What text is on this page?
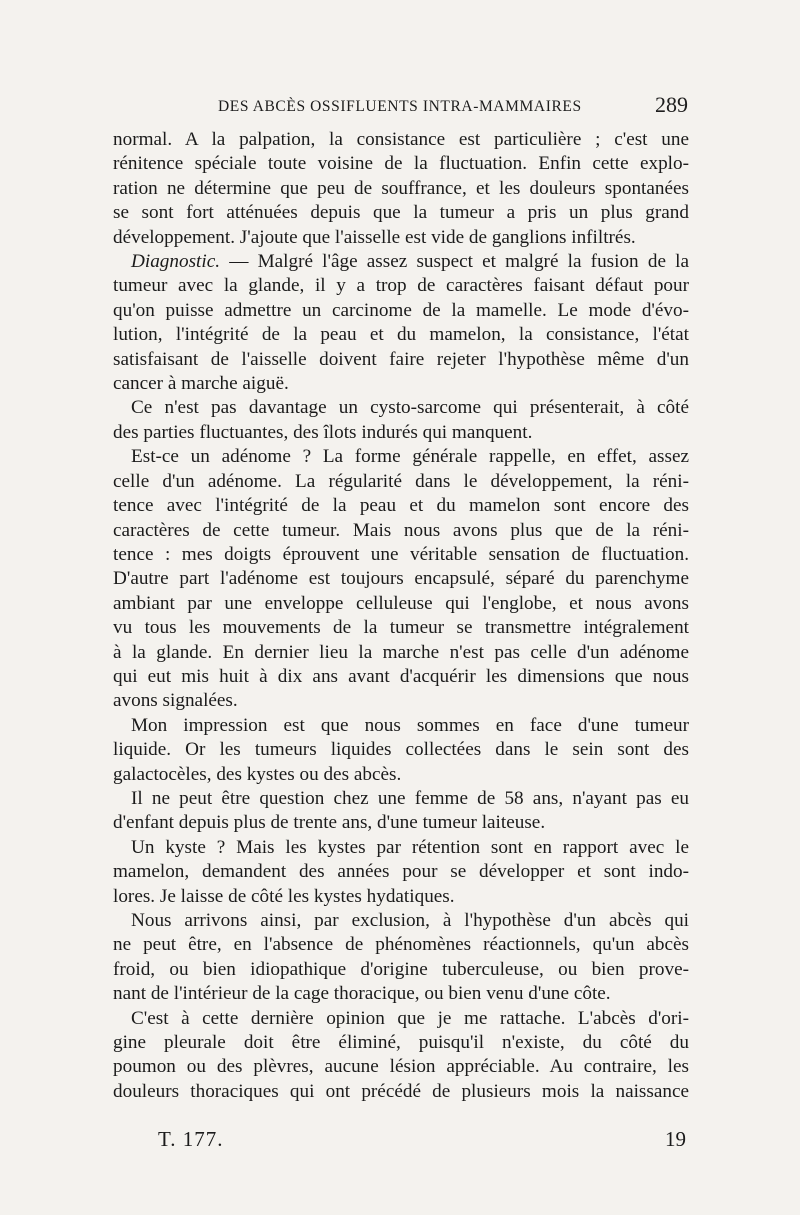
DES ABCÈS OSSIFLUENTS INTRA-MAMMAIRES	289
normal. A la palpation, la consistance est particulière ; c'est une
rénitence spéciale toute voisine de la fluctuation. Enfin cette explo-
ration ne détermine que peu de souffrance, et les douleurs spontanées
se sont fort atténuées depuis que la tumeur a pris un plus grand
développement. J'ajoute que l'aisselle est vide de ganglions infiltrés.
Diagnostic. — Malgré l'âge assez suspect et malgré la fusion de la
tumeur avec la glande, il y a trop de caractères faisant défaut pour
qu'on puisse admettre un carcinome de la mamelle. Le mode d'évo-
lution, l'intégrité de la peau et du mamelon, la consistance, l'état
satisfaisant de l'aisselle doivent faire rejeter l'hypothèse même d'un
cancer à marche aiguë.
Ce n'est pas davantage un cysto-sarcome qui présenterait, à côté
des parties fluctuantes, des îlots indurés qui manquent.
Est-ce un adénome ? La forme générale rappelle, en effet, assez
celle d'un adénome. La régularité dans le développement, la réni-
tence avec l'intégrité de la peau et du mamelon sont encore des
caractères de cette tumeur. Mais nous avons plus que de la réni-
tence : mes doigts éprouvent une véritable sensation de fluctuation.
D'autre part l'adénome est toujours encapsulé, séparé du parenchyme
ambiant par une enveloppe celluleuse qui l'englobe, et nous avons
vu tous les mouvements de la tumeur se transmettre intégralement
à la glande. En dernier lieu la marche n'est pas celle d'un adénome
qui eut mis huit à dix ans avant d'acquérir les dimensions que nous
avons signalées.
Mon impression est que nous sommes en face d'une tumeur
liquide. Or les tumeurs liquides collectées dans le sein sont des
galactocèles, des kystes ou des abcès.
Il ne peut être question chez une femme de 58 ans, n'ayant pas eu
d'enfant depuis plus de trente ans, d'une tumeur laiteuse.
Un kyste ? Mais les kystes par rétention sont en rapport avec le
mamelon, demandent des années pour se développer et sont indo-
lores. Je laisse de côté les kystes hydatiques.
Nous arrivons ainsi, par exclusion, à l'hypothèse d'un abcès qui
ne peut être, en l'absence de phénomènes réactionnels, qu'un abcès
froid, ou bien idiopathique d'origine tuberculeuse, ou bien prove-
nant de l'intérieur de la cage thoracique, ou bien venu d'une côte.
C'est à cette dernière opinion que je me rattache. L'abcès d'ori-
gine pleurale doit être éliminé, puisqu'il n'existe, du côté du
poumon ou des plèvres, aucune lésion appréciable. Au contraire, les
douleurs thoraciques qui ont précédé de plusieurs mois la naissance
T. 177.	19
